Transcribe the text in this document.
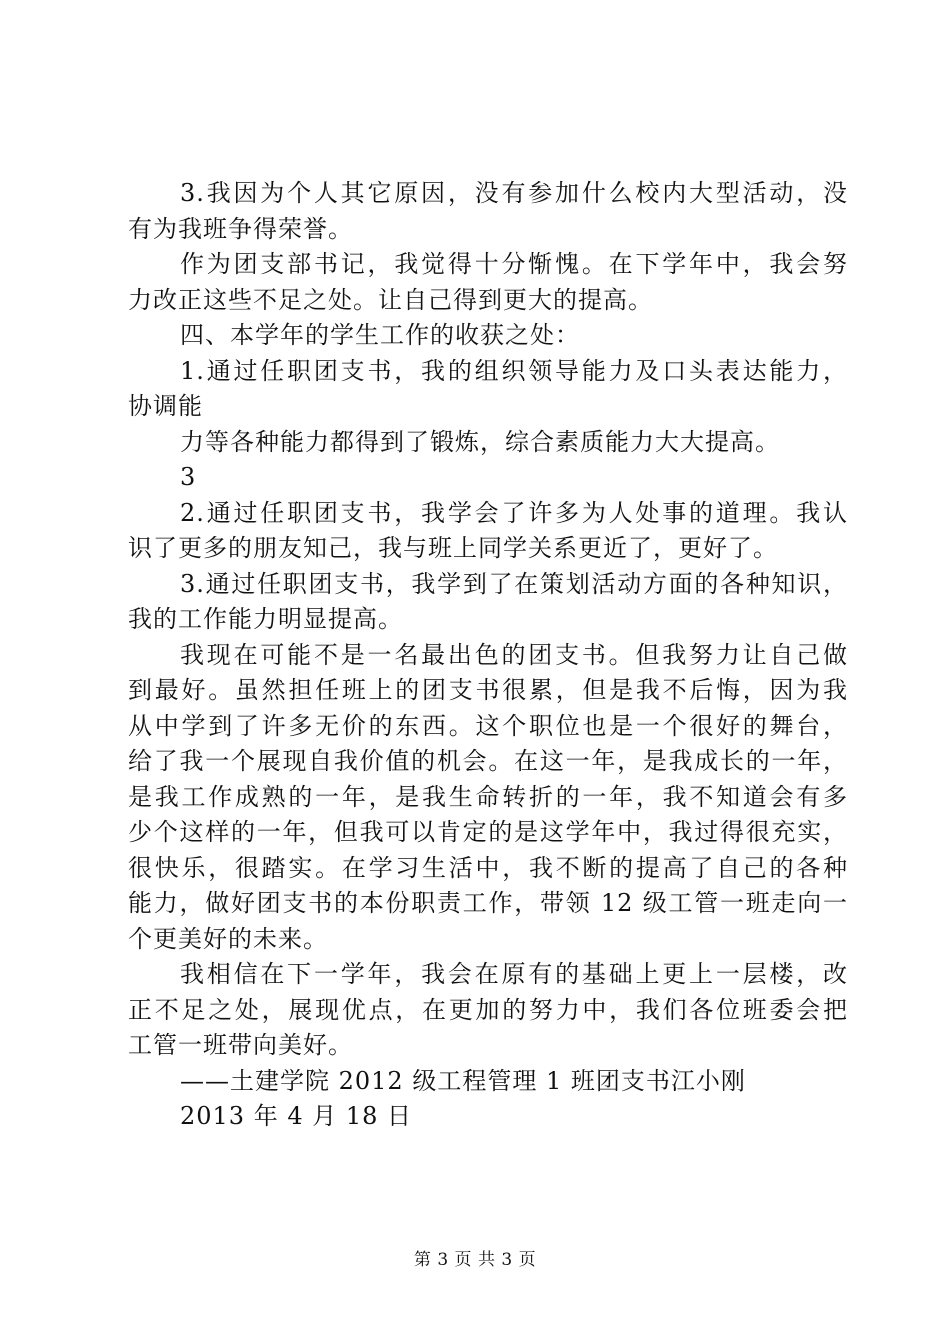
3.我因为个人其它原因，没有参加什么校内大型活动，没
有为我班争得荣誉。
作为团支部书记，我觉得十分惭愧。在下学年中，我会努
力改正这些不足之处。让自己得到更大的提高。
四、本学年的学生工作的收获之处：
1.通过任职团支书，我的组织领导能力及口头表达能力，
协调能
力等各种能力都得到了锻炼，综合素质能力大大提高。
3
2.通过任职团支书，我学会了许多为人处事的道理。我认
识了更多的朋友知己，我与班上同学关系更近了，更好了。
3.通过任职团支书，我学到了在策划活动方面的各种知识，
我的工作能力明显提高。
我现在可能不是一名最出色的团支书。但我努力让自己做
到最好。虽然担任班上的团支书很累，但是我不后悔，因为我
从中学到了许多无价的东西。这个职位也是一个很好的舞台，
给了我一个展现自我价值的机会。在这一年，是我成长的一年，
是我工作成熟的一年，是我生命转折的一年，我不知道会有多
少个这样的一年，但我可以肯定的是这学年中，我过得很充实，
很快乐，很踏实。在学习生活中，我不断的提高了自己的各种
能力，做好团支书的本份职责工作，带领 12 级工管一班走向一
个更美好的未来。
我相信在下一学年，我会在原有的基础上更上一层楼，改
正不足之处，展现优点，在更加的努力中，我们各位班委会把
工管一班带向美好。
——土建学院 2012 级工程管理 1 班团支书江小刚
2013 年 4 月 18 日
第 3 页 共 3 页
